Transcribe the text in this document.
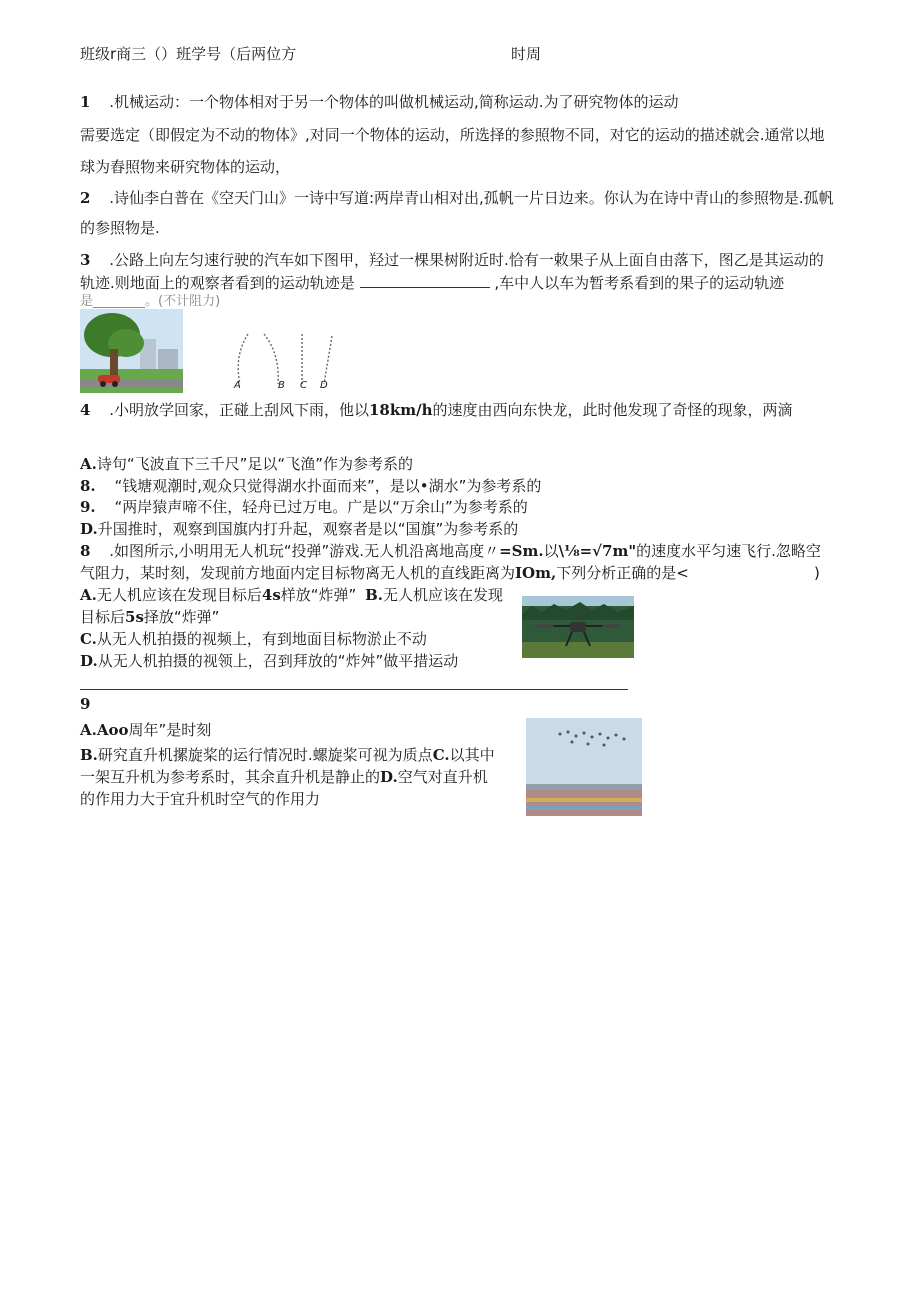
班级r商三（）班学号（后两位方	时周
1 .机械运动：一个物体相对于另一个物体的叫做机械运动,简称运动.为了研究物体的运动
需要选定（即假定为不动的物体》,对同一个物体的运动，所选择的参照物不同，对它的运动的描述就会.通常以地
球为舂照物来研究物体的运动，
2 .诗仙李白普在《空天门山》一诗中写道:两岸青山相对出,孤帆一片日边来。你认为在诗中青山的参照物是.孤帆
的参照物是.
3 .公路上向左匀速行驶的汽车如下图甲，羟过一棵果树附近时.恰有一敕果子从上面自由落下，图乙是其运动的
轨迹.则地面上的观察者看到的运动轨迹是	,车中人以车为暂考系看到的果子的运动轨迹
是________。(不计阻力)
A	B C D
4 .小明放学回家，正碰上刮风下雨，他以18km/h的速度由西向东快龙，此时他发现了奇怪的现象，两滴
A.诗句“飞波直下三千尺”足以“飞渔”作为参考系的
8. “钱塘观潮时,观众只觉得湖水扑面而来”，是以•湖水”为参考系的
9. “两岸猿声啼不住，轻舟已过万电。广是以“万余山”为参考系的
D.升国推时，观察到国旗内打升起，观察者是以“国旗”为参考系的
8 .如图所示,小明用无人机玩“投弹”游戏.无人机沿离地高度〃=Sm.以\⅛=√7m"的速度水平匀速飞行.忽略空
气阻力，某时刻，发现前方地面内定目标物离无人机的直线距离为IOm,下列分析正确的是<	)
A.无人机应该在发现目标后4s样放“炸弹” B.无人机应该在发现
目标后5s择放“炸弹”
C.从无人机拍摄的视频上，有到地面目标物淤止不动
D.从无人机拍摄的视领上，召到拜放的“炸舛”做平措运动
9
A.Aoo周年”是时刻
B.研究直升机摞旋桨的运行情况时.螺旋桨可视为质点C.以其中
一架互升机为参考系时，其余直升机是静止的D.空气对直升机
的作用力大于宜升机时空气的作用力
